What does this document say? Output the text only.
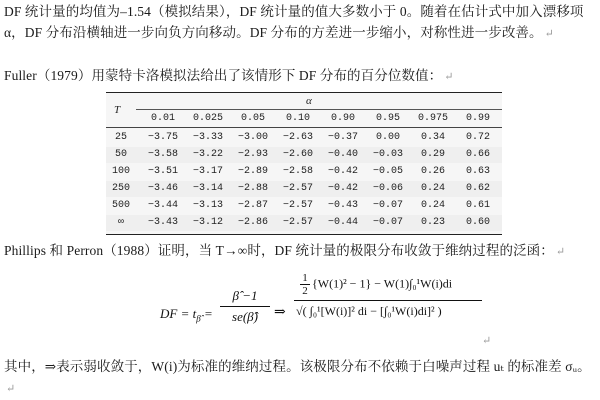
DF 统计量的均值为–1.54（模拟结果），DF 统计量的值大多数小于 0。随着在估计式中加入漂移项 α，DF 分布沿横轴进一步向负方向移动。DF 分布的方差进一步缩小，对称性进一步改善。 ↵
Fuller（1979）用蒙特卡洛模拟法给出了该情形下 DF 分布的百分位数值： ↵
T
α
0.01	0.025	0.05	0.10	0.90	0.95	0.975	0.99
25	−3.75	−3.33	−3.00	−2.63	−0.37	0.00	0.34	0.72
50	−3.58	−3.22	−2.93	−2.60	−0.40	−0.03	0.29	0.66
100	−3.51	−3.17	−2.89	−2.58	−0.42	−0.05	0.26	0.63
250	−3.46	−3.14	−2.88	−2.57	−0.42	−0.06	0.24	0.62
500	−3.44	−3.13	−2.87	−2.57	−0.43	−0.07	0.24	0.61
∞	−3.43	−3.12	−2.86	−2.57	−0.44	−0.07	0.23	0.60
Phillips 和 Perron（1988）证明，当 T→∞时，DF 统计量的极限分布收敛于维纳过程的泛函： ↵
DF = $t_{\betâ}$ =
β̂ −1
se(β̂)	⇒
$\frac{1}{2} \{W(1)^2 - 1\} - W(1)\int_0^1W(i)di$
√( ∫₀¹[W(i)]² di − [∫₀¹W(i)di]² )
↵
其中，⇒表示弱收敛于，W(i)为标准的维纳过程。该极限分布不依赖于白噪声过程 uₜ 的标准差 σᵤ。↵
